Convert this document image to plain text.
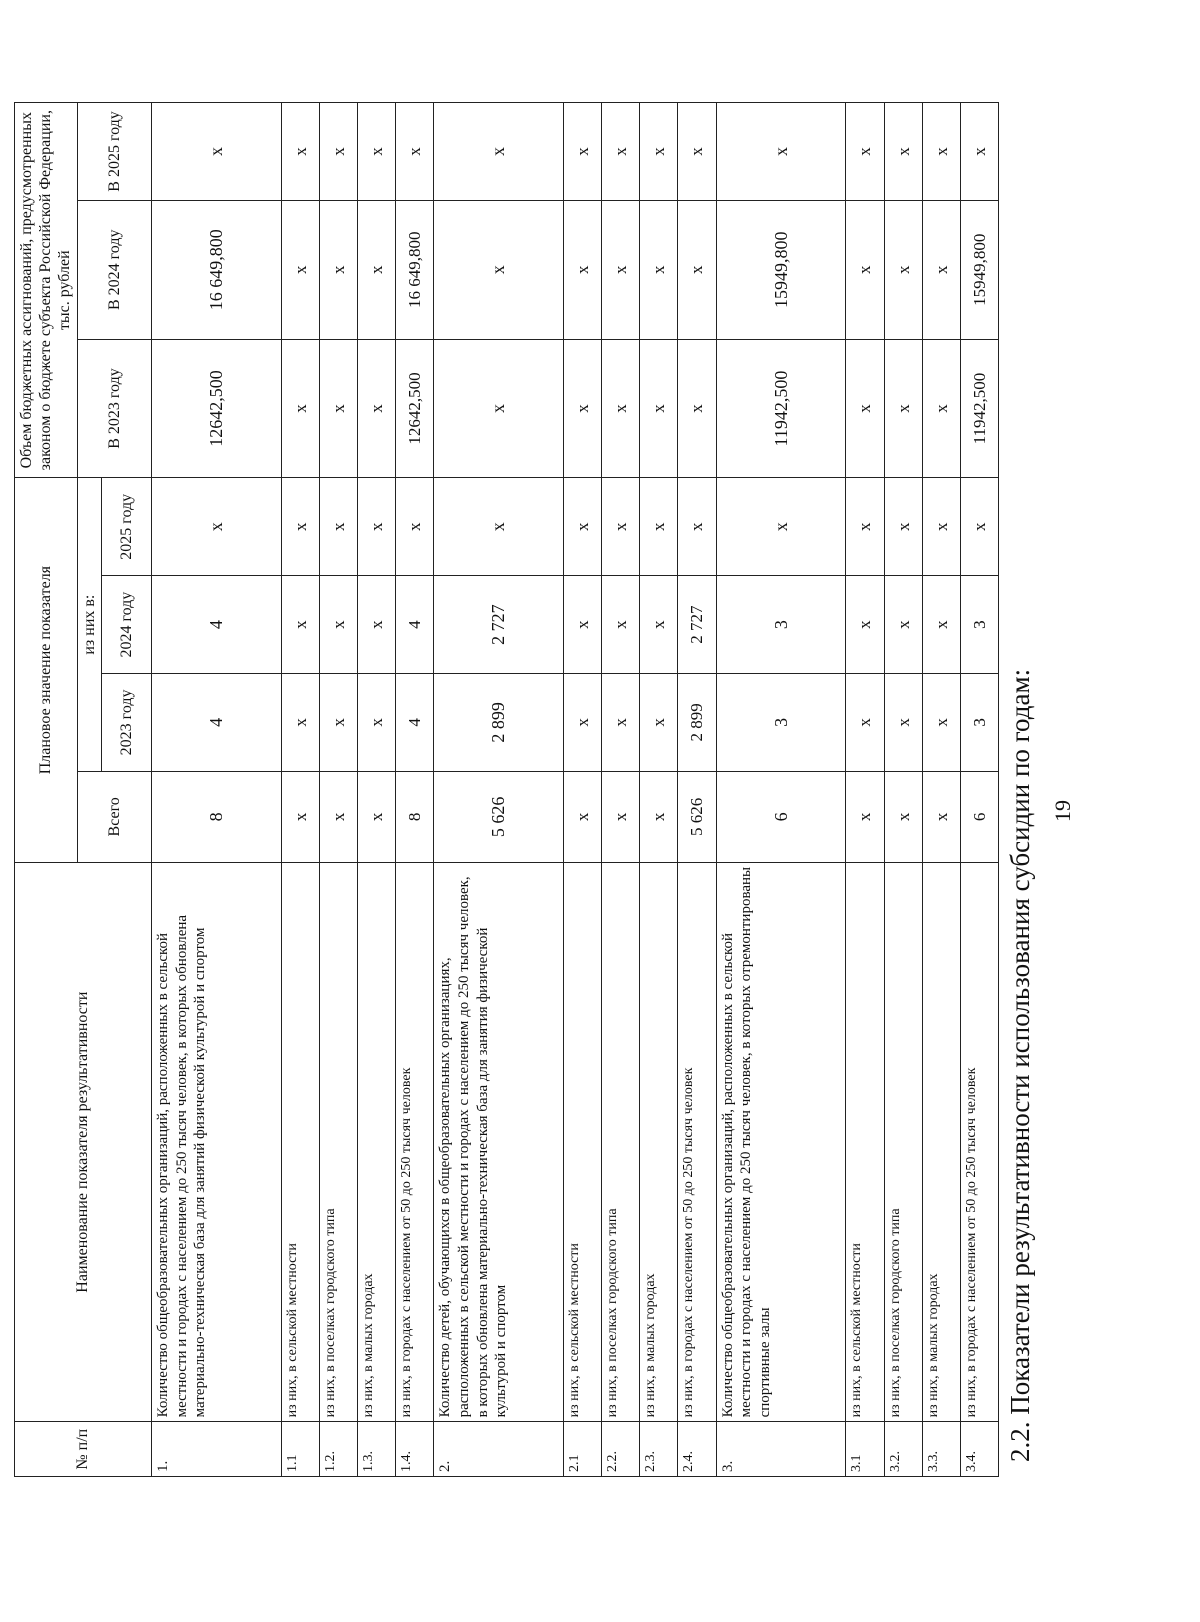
№ п/п	Наименование показателя результативности	Плановое значение показателя				Объем бюджетных ассигнований, предусмотренных законом о бюджете субъекта Российской Федерации, тыс. рублей		
		Всего	из них в:			В 2023 году	В 2024 году	В 2025 году
			2023 году	2024 году	2025 году			
1.	Количество общеобразовательных организаций, расположенных в сельской местности и городах с населением до 250 тысяч человек, в которых обновлена материально-техническая база для занятий физической культурой и спортом	8	4	4	x	12642,500	16 649,800	x
1.1	из них, в сельской местности	x	x	x	x	x	x	x
1.2.	из них, в поселках городского типа	x	x	x	x	x	x	x
1.3.	из них, в малых городах	x	x	x	x	x	x	x
1.4.	из них, в городах с населением от 50 до 250 тысяч человек	8	4	4	x	12642,500	16 649,800	x
2.	Количество детей, обучающихся в общеобразовательных организациях, расположенных в сельской местности и городах с населением до 250 тысяч человек, в которых обновлена материально-техническая база для занятия физической культурой и спортом	5 626	2 899	2 727	x	x	x	x
2.1	из них, в сельской местности	x	x	x	x	x	x	x
2.2.	из них, в поселках городского типа	x	x	x	x	x	x	x
2.3.	из них, в малых городах	x	x	x	x	x	x	x
2.4.	из них, в городах с населением от 50 до 250 тысяч человек	5 626	2 899	2 727	x	x	x	x
3.	Количество общеобразовательных организаций, расположенных в сельской местности и городах с населением до 250 тысяч человек, в которых отремонтированы спортивные залы	6	3	3	x	11942,500	15949,800	x
3.1	из них, в сельской местности	x	x	x	x	x	x	x
3.2.	из них, в поселках городского типа	x	x	x	x	x	x	x
3.3.	из них, в малых городах	x	x	x	x	x	x	x
3.4.	из них, в городах с населением от 50 до 250 тысяч человек	6	3	3	x	11942,500	15949,800	x
2.2. Показатели результативности использования субсидии по годам: 19
